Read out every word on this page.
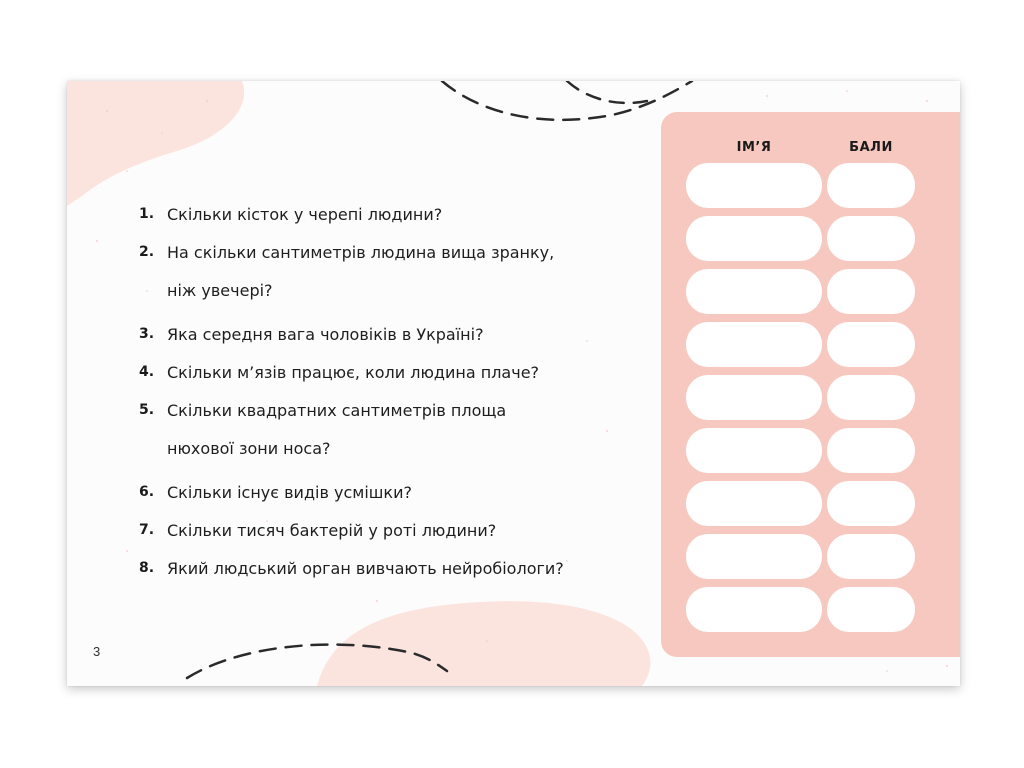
1. Скільки кісток у черепі людини?
2. На скільки сантиметрів людина вища зранку,
ніж увечері?
3. Яка середня вага чоловіків в Україні?
4. Скільки м’язів працює, коли людина плаче?
5. Скільки квадратних сантиметрів площа
нюхової зони носа?
6. Скільки існує видів усмішки?
7. Скільки тисяч бактерій у роті людини?
8. Який людський орган вивчають нейробіологи?
3
ІМ’Я	БАЛИ
